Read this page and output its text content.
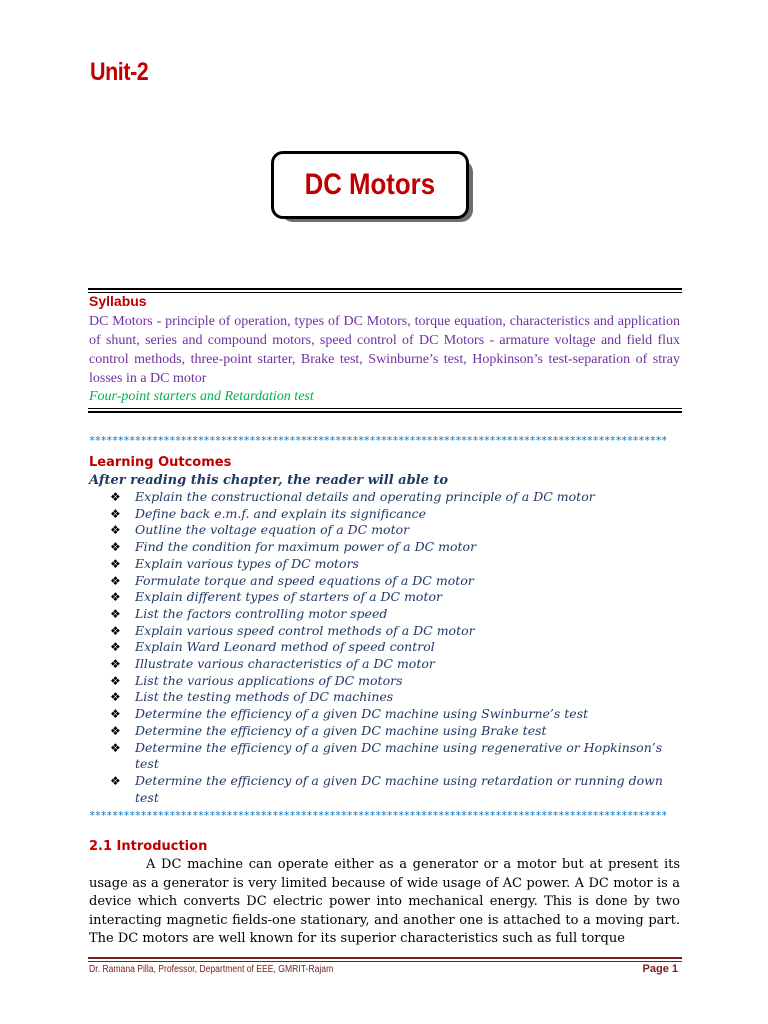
Unit-2
DC Motors
Syllabus
DC Motors - principle of operation, types of DC Motors, torque equation, characteristics and application of shunt, series and compound motors, speed control of DC Motors - armature voltage and field flux control methods, three-point starter, Brake test, Swinburne’s test, Hopkinson’s test-separation of stray losses in a DC motor
Four-point starters and Retardation test
*****************************************************************************************************
Learning Outcomes
After reading this chapter, the reader will able to
❖ Explain the constructional details and operating principle of a DC motor
❖ Define back e.m.f. and explain its significance
❖ Outline the voltage equation of a DC motor
❖ Find the condition for maximum power of a DC motor
❖ Explain various types of DC motors
❖ Formulate torque and speed equations of a DC motor
❖ Explain different types of starters of a DC motor
❖ List the factors controlling motor speed
❖ Explain various speed control methods of a DC motor
❖ Explain Ward Leonard method of speed control
❖ Illustrate various characteristics of a DC motor
❖ List the various applications of DC motors
❖ List the testing methods of DC machines
❖ Determine the efficiency of a given DC machine using Swinburne’s test
❖ Determine the efficiency of a given DC machine using Brake test
❖ Determine the efficiency of a given DC machine using regenerative or Hopkinson’s test
❖ Determine the efficiency of a given DC machine using retardation or running down test
*****************************************************************************************************
2.1 Introduction

A DC machine can operate either as a generator or a motor but at present its usage as a generator is very limited because of wide usage of AC power. A DC motor is a device which converts DC electric power into mechanical energy. This is done by two interacting magnetic fields-one stationary, and another one is attached to a moving part. The DC motors are well known for its superior characteristics such as full torque

Dr. Ramana Pilla, Professor, Department of EEE, GMRIT-Rajam	Page 1
